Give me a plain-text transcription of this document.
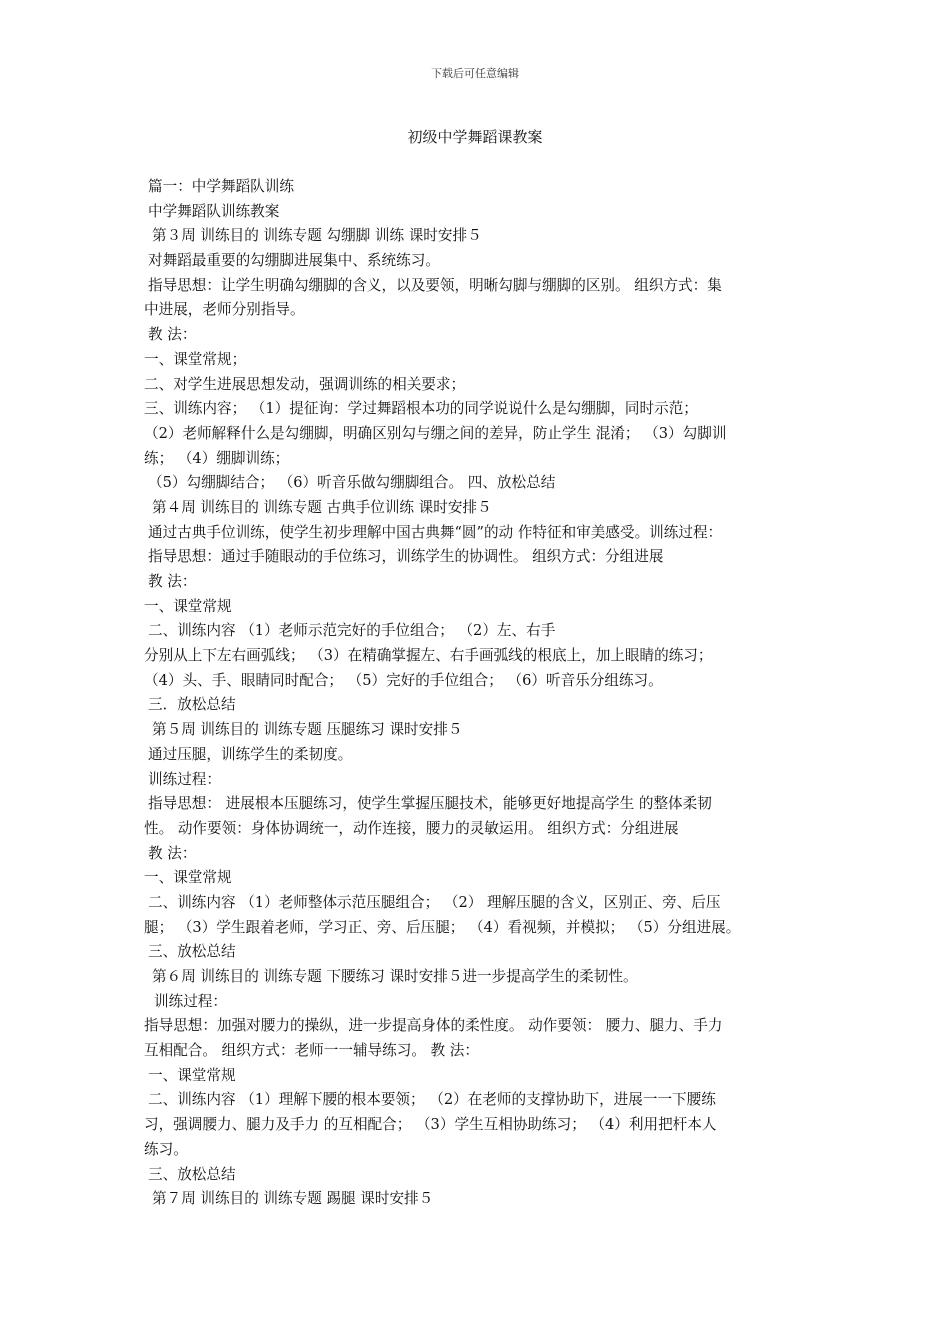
下载后可任意编辑
初级中学舞蹈课教案
篇一：中学舞蹈队训练
中学舞蹈队训练教案
第３周 训练目的 训练专题 勾绷脚 训练 课时安排５
对舞蹈最重要的勾绷脚进展集中、系统练习。
指导思想：让学生明确勾绷脚的含义，以及要领，明晰勾脚与绷脚的区别。 组织方式：集
中进展，老师分别指导。
教 法：
一、课堂常规；
二、对学生进展思想发动，强调训练的相关要求；
三、训练内容； （1）提征询：学过舞蹈根本功的同学说说什么是勾绷脚，同时示范；
（2）老师解释什么是勾绷脚，明确区别勾与绷之间的差异，防止学生 混淆； （3）勾脚训
练； （4）绷脚训练；
（5）勾绷脚结合； （6）听音乐做勾绷脚组合。 四、放松总结
第４周 训练目的 训练专题 古典手位训练 课时安排５
通过古典手位训练，使学生初步理解中国古典舞“圆”的动 作特征和审美感受。训练过程：
指导思想：通过手随眼动的手位练习，训练学生的协调性。 组织方式：分组进展
教 法：
一、课堂常规
二、训练内容 （1）老师示范完好的手位组合； （2）左、右手
分别从上下左右画弧线； （3）在精确掌握左、右手画弧线的根底上，加上眼睛的练习；
（4）头、手、眼睛同时配合； （5）完好的手位组合； （6）听音乐分组练习。
三．放松总结
第５周 训练目的 训练专题 压腿练习 课时安排５
通过压腿，训练学生的柔韧度。
训练过程：
指导思想： 进展根本压腿练习，使学生掌握压腿技术，能够更好地提高学生 的整体柔韧
性。 动作要领：身体协调统一，动作连接，腰力的灵敏运用。 组织方式：分组进展
教 法：
一、课堂常规
二、训练内容 （1）老师整体示范压腿组合； （2） 理解压腿的含义，区别正、旁、后压
腿； （3）学生跟着老师，学习正、旁、后压腿； （4）看视频，并模拟； （5）分组进展。
三、放松总结
第６周 训练目的 训练专题 下腰练习 课时安排５进一步提高学生的柔韧性。
训练过程：
指导思想：加强对腰力的操纵，进一步提高身体的柔性度。 动作要领： 腰力、腿力、手力
互相配合。 组织方式：老师一一辅导练习。 教 法：
一、课堂常规
二、训练内容 （1）理解下腰的根本要领； （2）在老师的支撑协助下，进展一一下腰练
习，强调腰力、腿力及手力 的互相配合； （3）学生互相协助练习； （4）利用把杆本人
练习。
三、放松总结
第７周 训练目的 训练专题 踢腿 课时安排５
